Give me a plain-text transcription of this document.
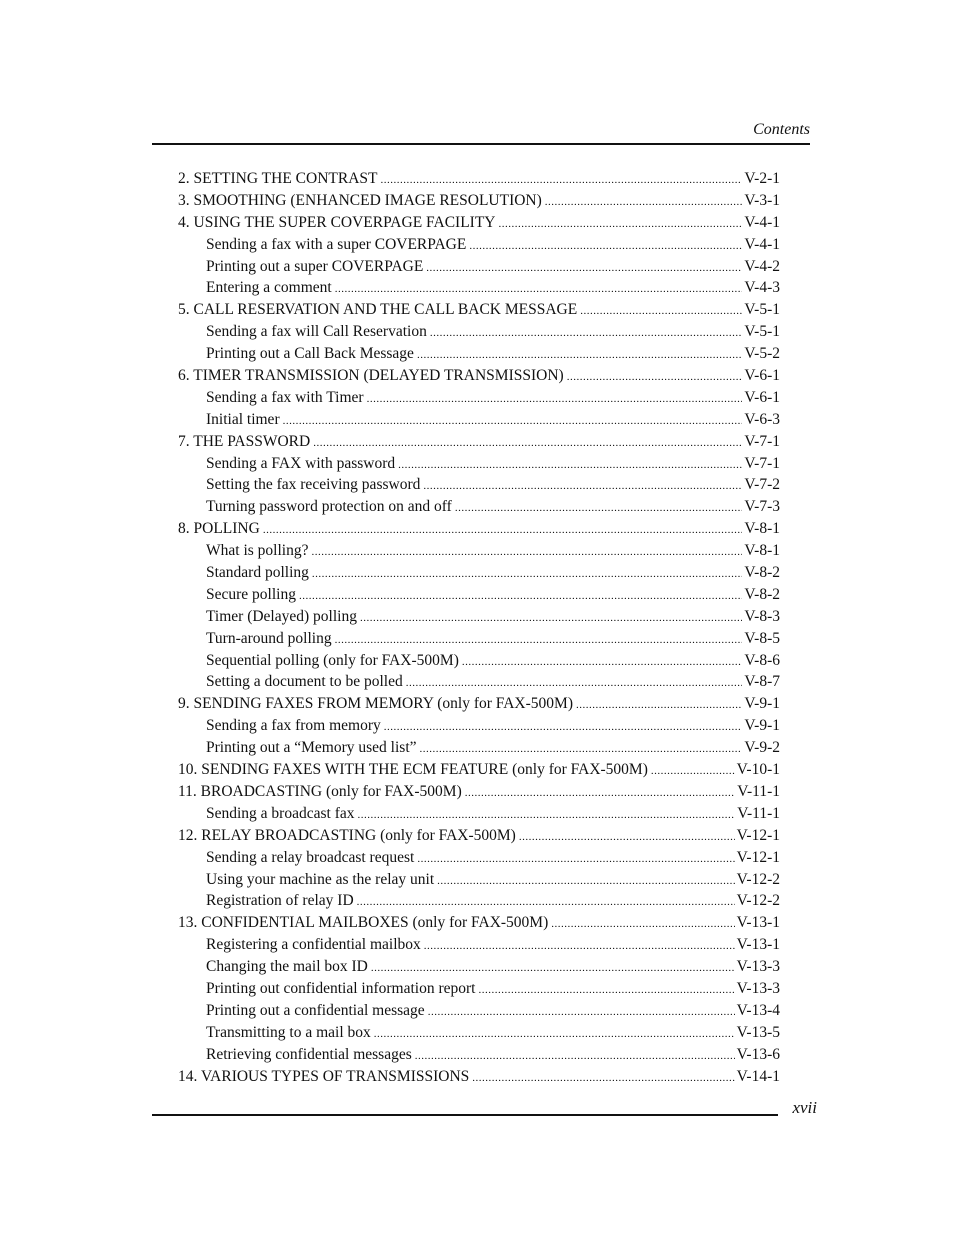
Contents
2. SETTING THE CONTRAST .....	V-2-1
3. SMOOTHING (ENHANCED IMAGE RESOLUTION) .....	V-3-1
4. USING THE SUPER COVERPAGE FACILITY .....	V-4-1
Sending a fax with a super COVERPAGE .....	V-4-1
Printing out a super COVERPAGE .....	V-4-2
Entering a comment .....	V-4-3
5. CALL RESERVATION AND THE CALL BACK MESSAGE .....	V-5-1
Sending a fax will Call Reservation .....	V-5-1
Printing out a Call Back Message .....	V-5-2
6. TIMER TRANSMISSION (DELAYED TRANSMISSION) .....	V-6-1
Sending a fax with Timer .....	V-6-1
Initial timer .....	V-6-3
7. THE PASSWORD .....	V-7-1
Sending a FAX with password .....	V-7-1
Setting the fax receiving password .....	V-7-2
Turning password protection on and off .....	V-7-3
8. POLLING .....	V-8-1
What is polling? .....	V-8-1
Standard polling .....	V-8-2
Secure polling .....	V-8-2
Timer (Delayed) polling .....	V-8-3
Turn-around polling .....	V-8-5
Sequential polling (only for FAX-500M) .....	V-8-6
Setting a document to be polled .....	V-8-7
9. SENDING FAXES FROM MEMORY (only for FAX-500M) .....	V-9-1
Sending a fax from memory .....	V-9-1
Printing out a “Memory used list” .....	V-9-2
10. SENDING FAXES WITH THE ECM FEATURE (only for FAX-500M) .....	V-10-1
11. BROADCASTING (only for FAX-500M) .....	V-11-1
Sending a broadcast fax .....	V-11-1
12. RELAY BROADCASTING (only for FAX-500M) .....	V-12-1
Sending a relay broadcast request .....	V-12-1
Using your machine as the relay unit .....	V-12-2
Registration of relay ID .....	V-12-2
13. CONFIDENTIAL MAILBOXES (only for FAX-500M) .....	V-13-1
Registering a confidential mailbox .....	V-13-1
Changing the mail box ID .....	V-13-3
Printing out confidential information report .....	V-13-3
Printing out a confidential message .....	V-13-4
Transmitting to a mail box .....	V-13-5
Retrieving confidential messages .....	V-13-6
14. VARIOUS TYPES OF TRANSMISSIONS .....	V-14-1
xvii
